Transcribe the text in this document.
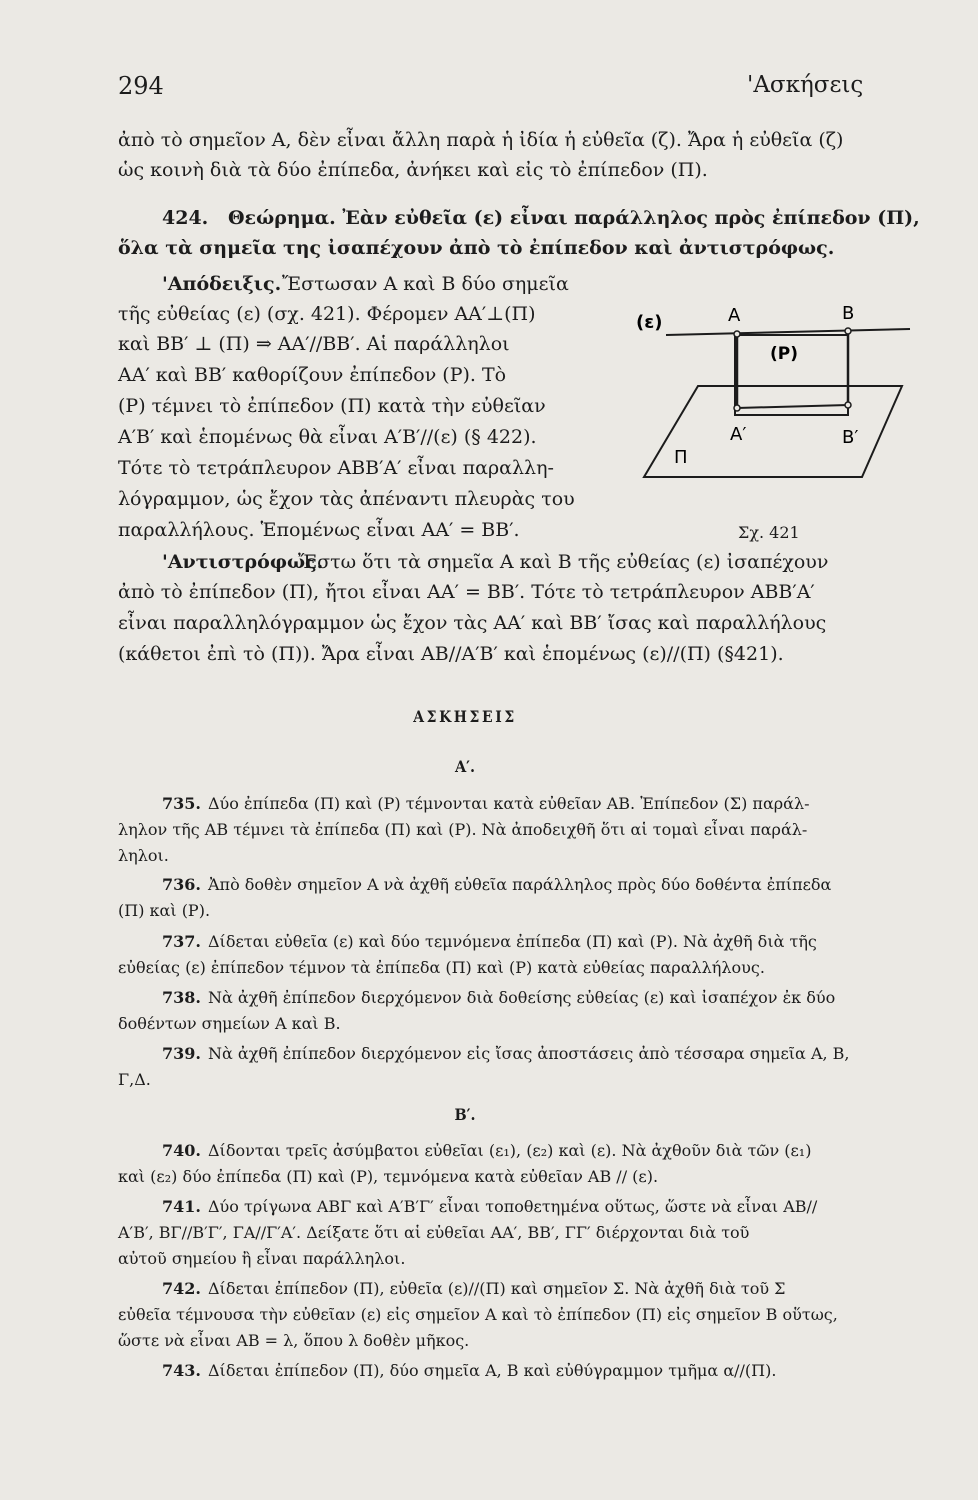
294	'Ασκήσεις
ἀπὸ τὸ σημεῖον Α, δὲν εἶναι ἄλλη παρὰ ἡ ἰδία ἡ εὐθεῖα (ζ). Ἄρα ἡ εὐθεῖα (ζ)
ὡς κοινὴ διὰ τὰ δύο ἐπίπεδα, ἀνήκει καὶ εἰς τὸ ἐπίπεδον (Π).
424. Θεώρημα. Ἐὰν εὐθεῖα (ε) εἶναι παράλληλος πρὸς ἐπίπεδον (Π),
ὅλα τὰ σημεῖα της ἰσαπέχουν ἀπὸ τὸ ἐπίπεδον καὶ ἀντιστρόφως.
'Απόδειξις. Ἔστωσαν Α καὶ Β δύο σημεῖα
τῆς εὐθείας (ε) (σχ. 421). Φέρομεν ΑΑ′⊥(Π)
καὶ ΒΒ′ ⊥ (Π) ⇒ ΑΑ′//ΒΒ′. Αἱ παράλληλοι
ΑΑ′ καὶ ΒΒ′ καθορίζουν ἐπίπεδον (Ρ). Τὸ
(Ρ) τέμνει τὸ ἐπίπεδον (Π) κατὰ τὴν εὐθεῖαν
Α′Β′ καὶ ἑπομένως θὰ εἶναι Α′Β′//(ε) (§ 422).
Τότε τὸ τετράπλευρον ΑΒΒ′Α′ εἶναι παραλλη-
λόγραμμον, ὡς ἔχον τὰς ἀπέναντι πλευρὰς του
παραλλήλους. Ἑπομένως εἶναι ΑΑ′ = ΒΒ′.
(ε)	Α	Β
(Ρ)
Α′	Β′
Π
Σχ. 421
'Αντιστρόφως.
Ἔστω ὅτι τὰ σημεῖα Α καὶ Β τῆς εὐθείας (ε) ἰσαπέχουν
ἀπὸ τὸ ἐπίπεδον (Π), ἤτοι εἶναι ΑΑ′ = ΒΒ′. Τότε τὸ τετράπλευρον ΑΒΒ′Α′
εἶναι παραλληλόγραμμον ὡς ἔχον τὰς ΑΑ′ καὶ ΒΒ′ ἴσας καὶ παραλλήλους
(κάθετοι ἐπὶ τὸ (Π)). Ἄρα εἶναι ΑΒ//Α′Β′ καὶ ἑπομένως (ε)//(Π) (§421).
ΑΣΚΗΣΕΙΣ
Α′.
735. Δύο ἐπίπεδα (Π) καὶ (Ρ) τέμνονται κατὰ εὐθεῖαν ΑΒ. Ἐπίπεδον (Σ) παράλ-
ληλον τῆς ΑΒ τέμνει τὰ ἐπίπεδα (Π) καὶ (Ρ). Νὰ ἀποδειχθῆ ὅτι αἱ τομαὶ εἶναι παράλ-
ληλοι.
736. Ἀπὸ δοθὲν σημεῖον Α νὰ ἀχθῆ εὐθεῖα παράλληλος πρὸς δύο δοθέντα ἐπίπεδα
(Π) καὶ (Ρ).
737. Δίδεται εὐθεῖα (ε) καὶ δύο τεμνόμενα ἐπίπεδα (Π) καὶ (Ρ). Νὰ ἀχθῆ διὰ τῆς
εὐθείας (ε) ἐπίπεδον τέμνον τὰ ἐπίπεδα (Π) καὶ (Ρ) κατὰ εὐθείας παραλλήλους.
738. Νὰ ἀχθῆ ἐπίπεδον διερχόμενον διὰ δοθείσης εὐθείας (ε) καὶ ἰσαπέχον ἐκ δύο
δοθέντων σημείων Α καὶ Β.
739. Νὰ ἀχθῆ ἐπίπεδον διερχόμενον εἰς ἴσας ἀποστάσεις ἀπὸ τέσσαρα σημεῖα Α, Β,
Γ,Δ.
Β′.
740. Δίδονται τρεῖς ἀσύμβατοι εὐθεῖαι (ε₁), (ε₂) καὶ (ε). Νὰ ἀχθοῦν διὰ τῶν (ε₁)
καὶ (ε₂) δύο ἐπίπεδα (Π) καὶ (Ρ), τεμνόμενα κατὰ εὐθεῖαν ΑΒ // (ε).
741. Δύο τρίγωνα ΑΒΓ καὶ Α′Β′Γ′ εἶναι τοποθετημένα οὕτως, ὥστε νὰ εἶναι ΑΒ//
Α′Β′, ΒΓ//Β′Γ′, ΓΑ//Γ′Α′. Δείξατε ὅτι αἱ εὐθεῖαι ΑΑ′, ΒΒ′, ΓΓ′ διέρχονται διὰ τοῦ
αὐτοῦ σημείου ἢ εἶναι παράλληλοι.
742. Δίδεται ἐπίπεδον (Π), εὐθεῖα (ε)//(Π) καὶ σημεῖον Σ. Νὰ ἀχθῆ διὰ τοῦ Σ
εὐθεῖα τέμνουσα τὴν εὐθεῖαν (ε) εἰς σημεῖον Α καὶ τὸ ἐπίπεδον (Π) εἰς σημεῖον Β οὕτως,
ὥστε νὰ εἶναι ΑΒ = λ, ὅπου λ δοθὲν μῆκος.
743. Δίδεται ἐπίπεδον (Π), δύο σημεῖα Α, Β καὶ εὐθύγραμμον τμῆμα α//(Π).
